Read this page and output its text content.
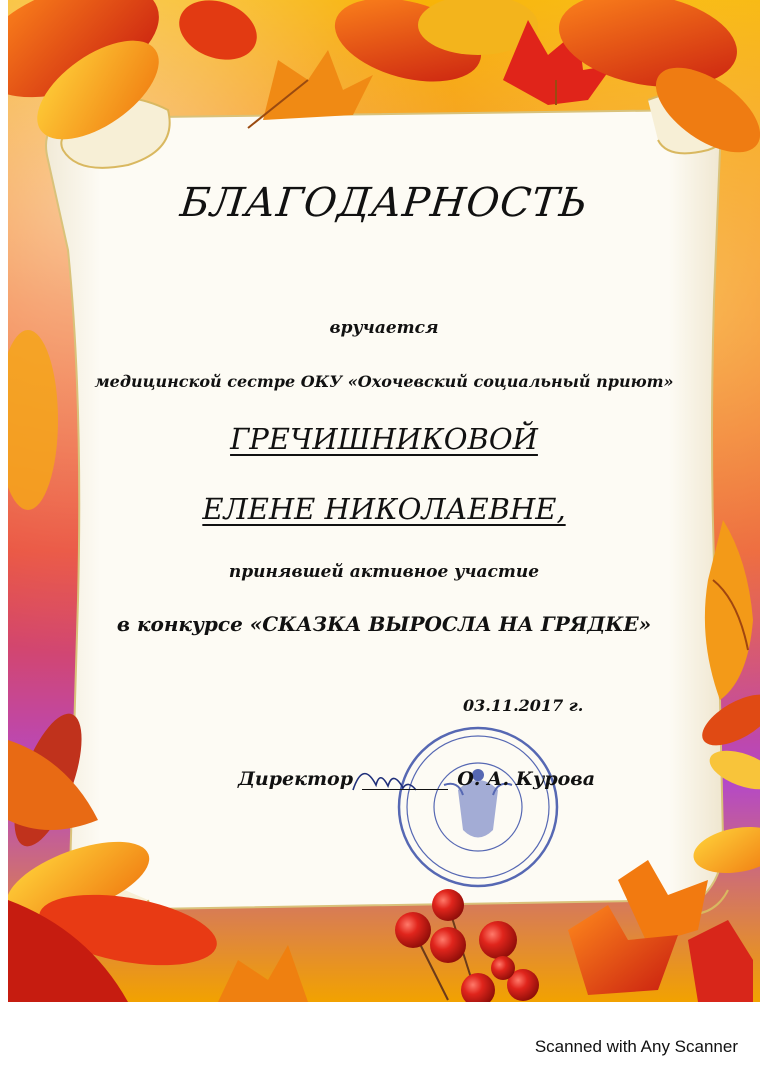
БЛАГОДАРНОСТЬ
вручается
медицинской сестре ОКУ «Охочевский социальный приют»
ГРЕЧИШНИКОВОЙ
ЕЛЕНЕ НИКОЛАЕВНЕ,
принявшей активное участие
в конкурсе «СКАЗКА ВЫРОСЛА НА ГРЯДКЕ»
03.11.2017 г.
Директор	О. А. Курова
Scanned with Any Scanner
